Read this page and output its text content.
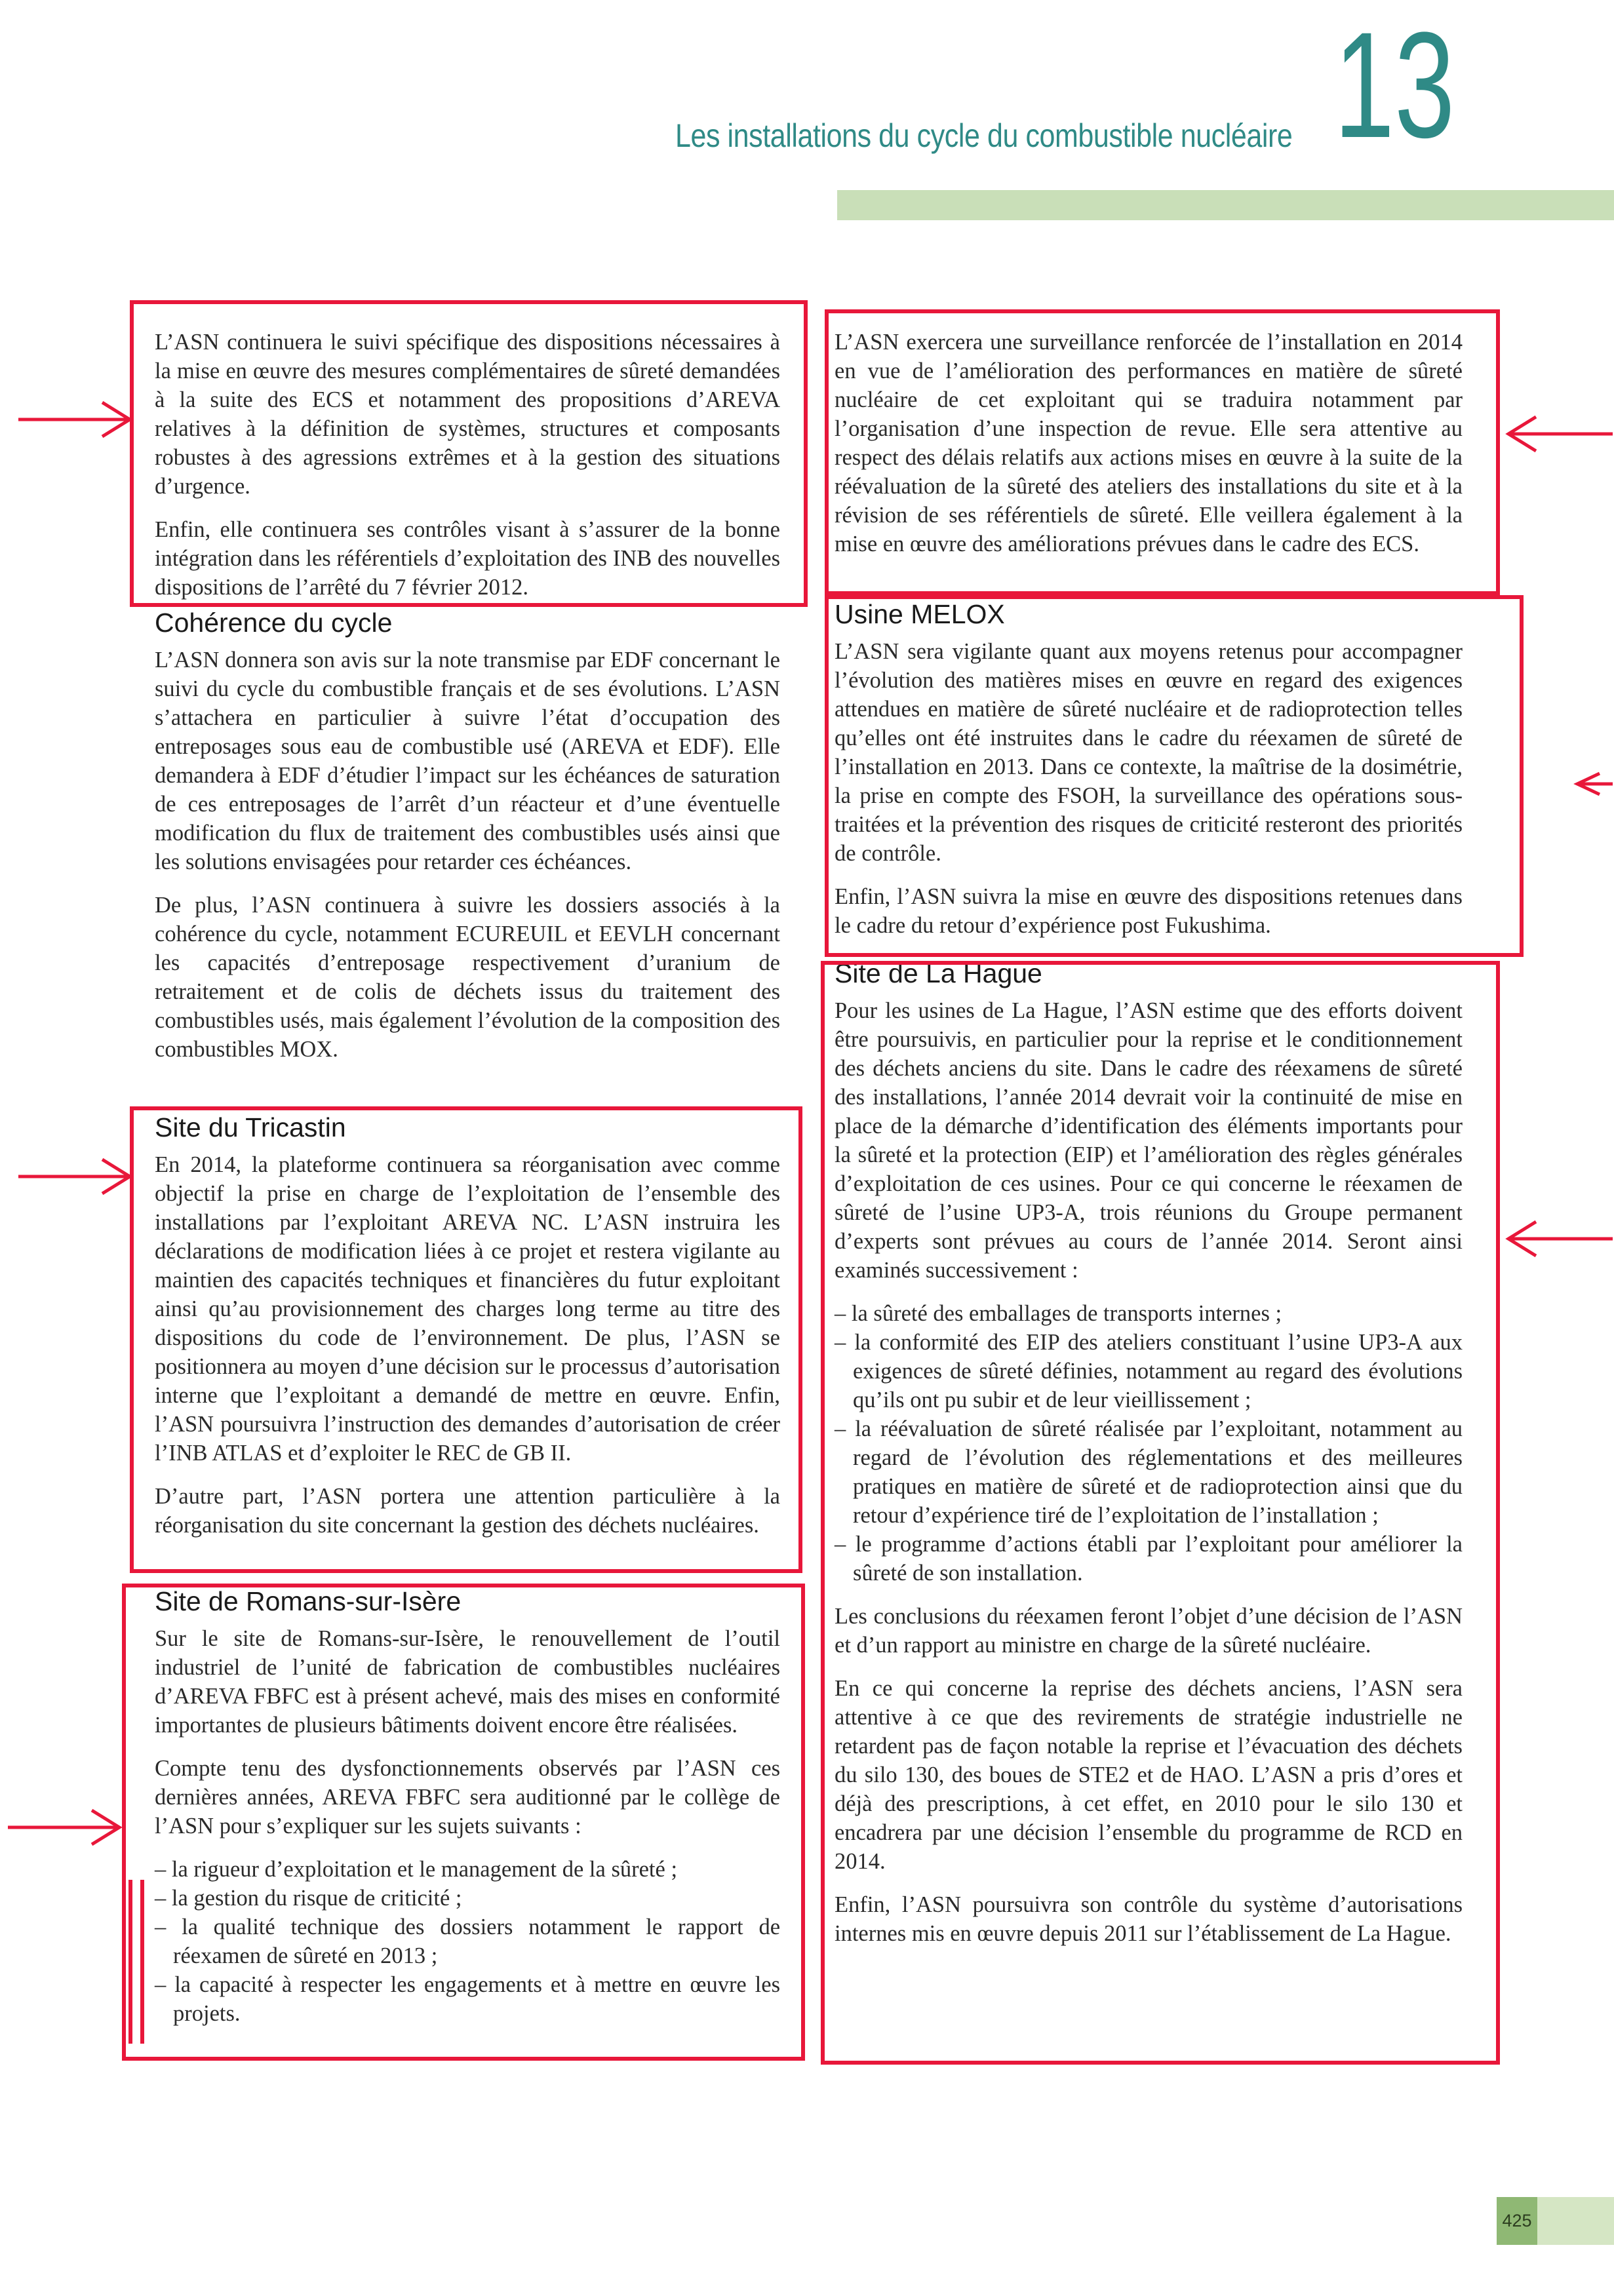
Les installations du cycle du combustible nucléaire 13

L’ASN continuera le suivi spécifique des dispositions nécessaires à la mise en œuvre des mesures complémentaires de sûreté demandées à la suite des ECS et notamment des propositions d’AREVA relatives à la définition de systèmes, structures et composants robustes à des agressions extrêmes et à la gestion des situations d’urgence.

Enfin, elle continuera ses contrôles visant à s’assurer de la bonne intégration dans les référentiels d’exploitation des INB des nouvelles dispositions de l’arrêté du 7 février 2012.

Cohérence du cycle

L’ASN donnera son avis sur la note transmise par EDF concernant le suivi du cycle du combustible français et de ses évolutions. L’ASN s’attachera en particulier à suivre l’état d’occupation des entreposages sous eau de combustible usé (AREVA et EDF). Elle demandera à EDF d’étudier l’impact sur les échéances de saturation de ces entreposages de l’arrêt d’un réacteur et d’une éventuelle modification du flux de traitement des combustibles usés ainsi que les solutions envisagées pour retarder ces échéances.

De plus, l’ASN continuera à suivre les dossiers associés à la cohérence du cycle, notamment ECUREUIL et EEVLH concernant les capacités d’entreposage respectivement d’uranium de retraitement et de colis de déchets issus du traitement des combustibles usés, mais également l’évolution de la composition des combustibles MOX.

Site du Tricastin

En 2014, la plateforme continuera sa réorganisation avec comme objectif la prise en charge de l’exploitation de l’ensemble des installations par l’exploitant AREVA NC. L’ASN instruira les déclarations de modification liées à ce projet et restera vigilante au maintien des capacités techniques et financières du futur exploitant ainsi qu’au provisionnement des charges long terme au titre des dispositions du code de l’environnement. De plus, l’ASN se positionnera au moyen d’une décision sur le processus d’autorisation interne que l’exploitant a demandé de mettre en œuvre. Enfin, l’ASN poursuivra l’instruction des demandes d’autorisation de créer l’INB ATLAS et d’exploiter le REC de GB II.

D’autre part, l’ASN portera une attention particulière à la réorganisation du site concernant la gestion des déchets nucléaires.

Site de Romans-sur-Isère

Sur le site de Romans-sur-Isère, le renouvellement de l’outil industriel de l’unité de fabrication de combustibles nucléaires d’AREVA FBFC est à présent achevé, mais des mises en conformité importantes de plusieurs bâtiments doivent encore être réalisées.

Compte tenu des dysfonctionnements observés par l’ASN ces dernières années, AREVA FBFC sera auditionné par le collège de l’ASN pour s’expliquer sur les sujets suivants :

– la rigueur d’exploitation et le management de la sûreté ;
– la gestion du risque de criticité ;
– la qualité technique des dossiers notamment le rapport de réexamen de sûreté en 2013 ;
– la capacité à respecter les engagements et à mettre en œuvre les projets.

L’ASN exercera une surveillance renforcée de l’installation en 2014 en vue de l’amélioration des performances en matière de sûreté nucléaire de cet exploitant qui se traduira notamment par l’organisation d’une inspection de revue. Elle sera attentive au respect des délais relatifs aux actions mises en œuvre à la suite de la réévaluation de la sûreté des ateliers des installations du site et à la révision de ses référentiels de sûreté. Elle veillera également à la mise en œuvre des améliorations prévues dans le cadre des ECS.

Usine MELOX

L’ASN sera vigilante quant aux moyens retenus pour accompagner l’évolution des matières mises en œuvre en regard des exigences attendues en matière de sûreté nucléaire et de radioprotection telles qu’elles ont été instruites dans le cadre du réexamen de sûreté de l’installation en 2013. Dans ce contexte, la maîtrise de la dosimétrie, la prise en compte des FSOH, la surveillance des opérations sous-traitées et la prévention des risques de criticité resteront des priorités de contrôle.

Enfin, l’ASN suivra la mise en œuvre des dispositions retenues dans le cadre du retour d’expérience post Fukushima.

Site de La Hague

Pour les usines de La Hague, l’ASN estime que des efforts doivent être poursuivis, en particulier pour la reprise et le conditionnement des déchets anciens du site. Dans le cadre des réexamens de sûreté des installations, l’année 2014 devrait voir la continuité de mise en place de la démarche d’identification des éléments importants pour la sûreté et la protection (EIP) et l’amélioration des règles générales d’exploitation de ces usines. Pour ce qui concerne le réexamen de sûreté de l’usine UP3-A, trois réunions du Groupe permanent d’experts sont prévues au cours de l’année 2014. Seront ainsi examinés successivement :

– la sûreté des emballages de transports internes ;
– la conformité des EIP des ateliers constituant l’usine UP3-A aux exigences de sûreté définies, notamment au regard des évolutions qu’ils ont pu subir et de leur vieillissement ;
– la réévaluation de sûreté réalisée par l’exploitant, notamment au regard de l’évolution des réglementations et des meilleures pratiques en matière de sûreté et de radioprotection ainsi que du retour d’expérience tiré de l’exploitation de l’installation ;
– le programme d’actions établi par l’exploitant pour améliorer la sûreté de son installation.

Les conclusions du réexamen feront l’objet d’une décision de l’ASN et d’un rapport au ministre en charge de la sûreté nucléaire.

En ce qui concerne la reprise des déchets anciens, l’ASN sera attentive à ce que des revirements de stratégie industrielle ne retardent pas de façon notable la reprise et l’évacuation des déchets du silo 130, des boues de STE2 et de HAO. L’ASN a pris d’ores et déjà des prescriptions, à cet effet, en 2010 pour le silo 130 et encadrera par une décision l’ensemble du programme de RCD en 2014.

Enfin, l’ASN poursuivra son contrôle du système d’autorisations internes mis en œuvre depuis 2011 sur l’établissement de La Hague.

425
